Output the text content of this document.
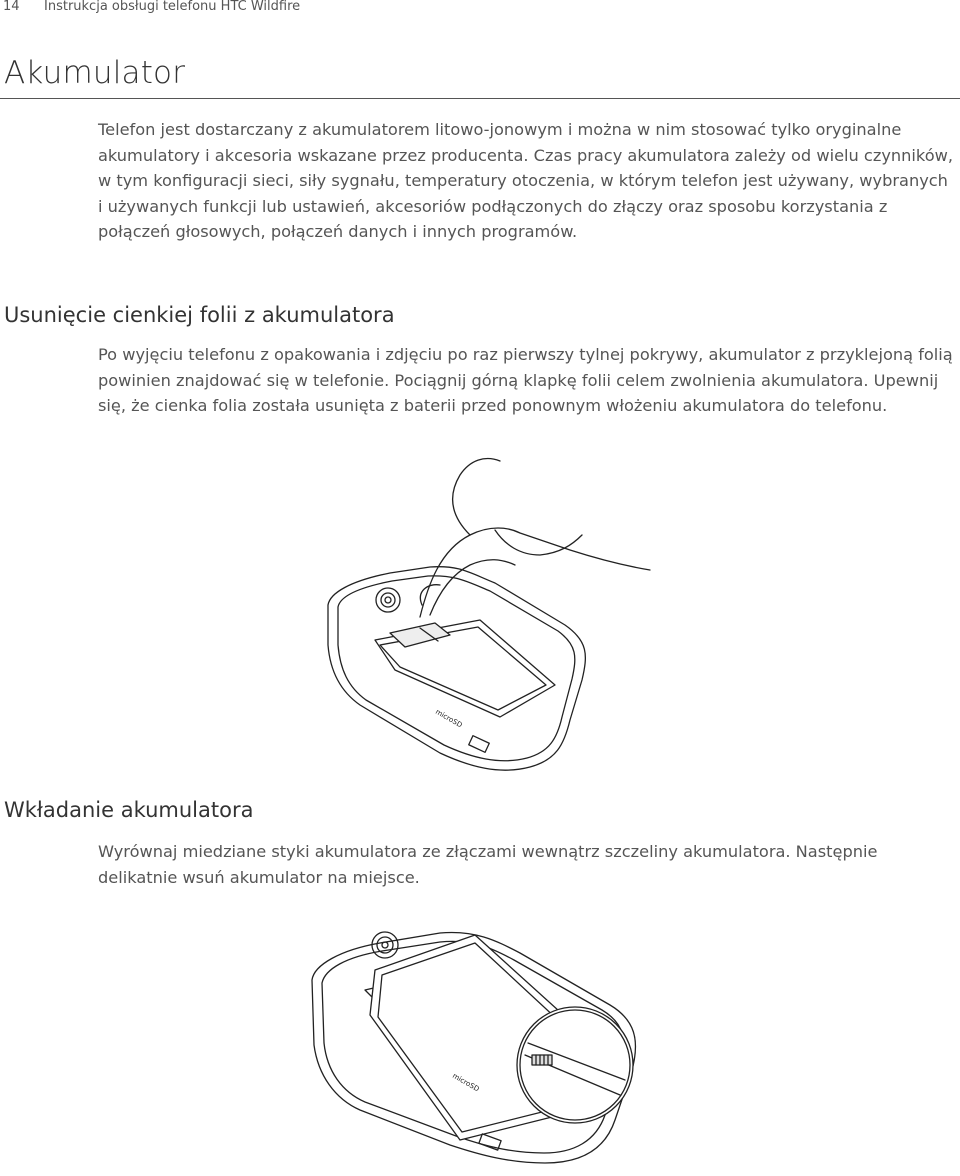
14 Instrukcja obsługi telefonu HTC Wildfire
Akumulator
Telefon jest dostarczany z akumulatorem litowo-jonowym i można w nim stosować tylko oryginalne akumulatory i akcesoria wskazane przez producenta. Czas pracy akumulatora zależy od wielu czynników, w tym konfiguracji sieci, siły sygnału, temperatury otoczenia, w którym telefon jest używany, wybranych i używanych funkcji lub ustawień, akcesoriów podłączonych do złączy oraz sposobu korzystania z połączeń głosowych, połączeń danych i innych programów.
Usunięcie cienkiej folii z akumulatora
Po wyjęciu telefonu z opakowania i zdjęciu po raz pierwszy tylnej pokrywy, akumulator z przyklejoną folią powinien znajdować się w telefonie. Pociągnij górną klapkę folii celem zwolnienia akumulatora. Upewnij się, że cienka folia została usunięta z baterii przed ponownym włożeniu akumulatora do telefonu.
microSD
Wkładanie akumulatora
Wyrównaj miedziane styki akumulatora ze złączami wewnątrz szczeliny akumulatora. Następnie delikatnie wsuń akumulator na miejsce.
microSD
